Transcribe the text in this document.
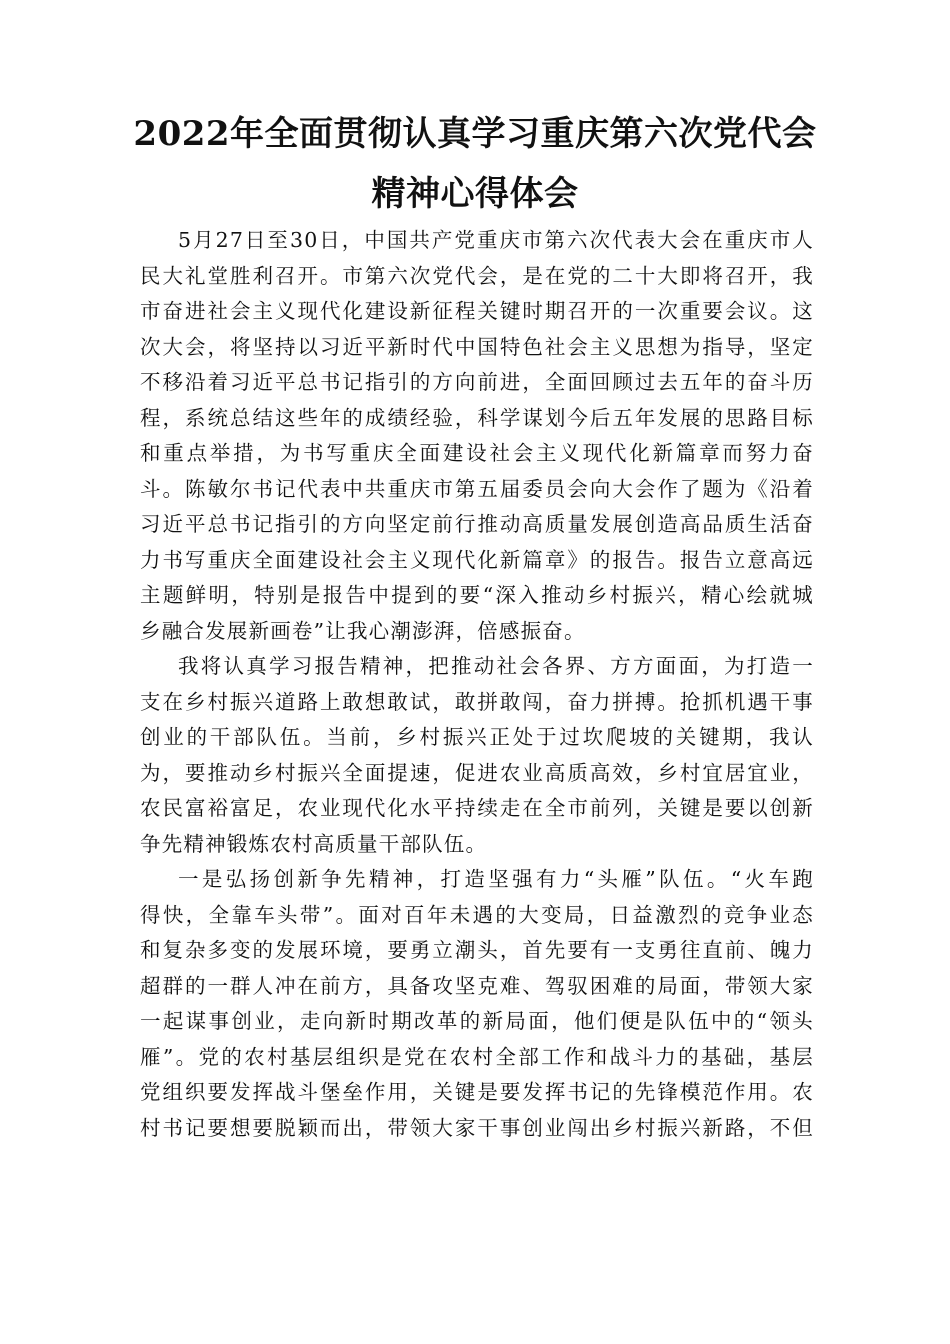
2022年全面贯彻认真学习重庆第六次党代会
精神心得体会

5月27日至30日，中国共产党重庆市第六次代表大会在重庆市人
民大礼堂胜利召开。市第六次党代会，是在党的二十大即将召开，我
市奋进社会主义现代化建设新征程关键时期召开的一次重要会议。这
次大会，将坚持以习近平新时代中国特色社会主义思想为指导，坚定
不移沿着习近平总书记指引的方向前进，全面回顾过去五年的奋斗历
程，系统总结这些年的成绩经验，科学谋划今后五年发展的思路目标
和重点举措，为书写重庆全面建设社会主义现代化新篇章而努力奋
斗。陈敏尔书记代表中共重庆市第五届委员会向大会作了题为《沿着
习近平总书记指引的方向坚定前行推动高质量发展创造高品质生活奋
力书写重庆全面建设社会主义现代化新篇章》的报告。报告立意高远
主题鲜明，特别是报告中提到的要“深入推动乡村振兴，精心绘就城
乡融合发展新画卷”让我心潮澎湃，倍感振奋。

我将认真学习报告精神，把推动社会各界、方方面面，为打造一
支在乡村振兴道路上敢想敢试，敢拼敢闯，奋力拼搏。抢抓机遇干事
创业的干部队伍。当前，乡村振兴正处于过坎爬坡的关键期，我认
为，要推动乡村振兴全面提速，促进农业高质高效，乡村宜居宜业，
农民富裕富足，农业现代化水平持续走在全市前列，关键是要以创新
争先精神锻炼农村高质量干部队伍。

一是弘扬创新争先精神，打造坚强有力“头雁”队伍。“火车跑
得快，全靠车头带”。面对百年未遇的大变局，日益激烈的竞争业态
和复杂多变的发展环境，要勇立潮头，首先要有一支勇往直前、魄力
超群的一群人冲在前方，具备攻坚克难、驾驭困难的局面，带领大家
一起谋事创业，走向新时期改革的新局面，他们便是队伍中的“领头
雁”。党的农村基层组织是党在农村全部工作和战斗力的基础，基层
党组织要发挥战斗堡垒作用，关键是要发挥书记的先锋模范作用。农
村书记要想要脱颖而出，带领大家干事创业闯出乡村振兴新路，不但
